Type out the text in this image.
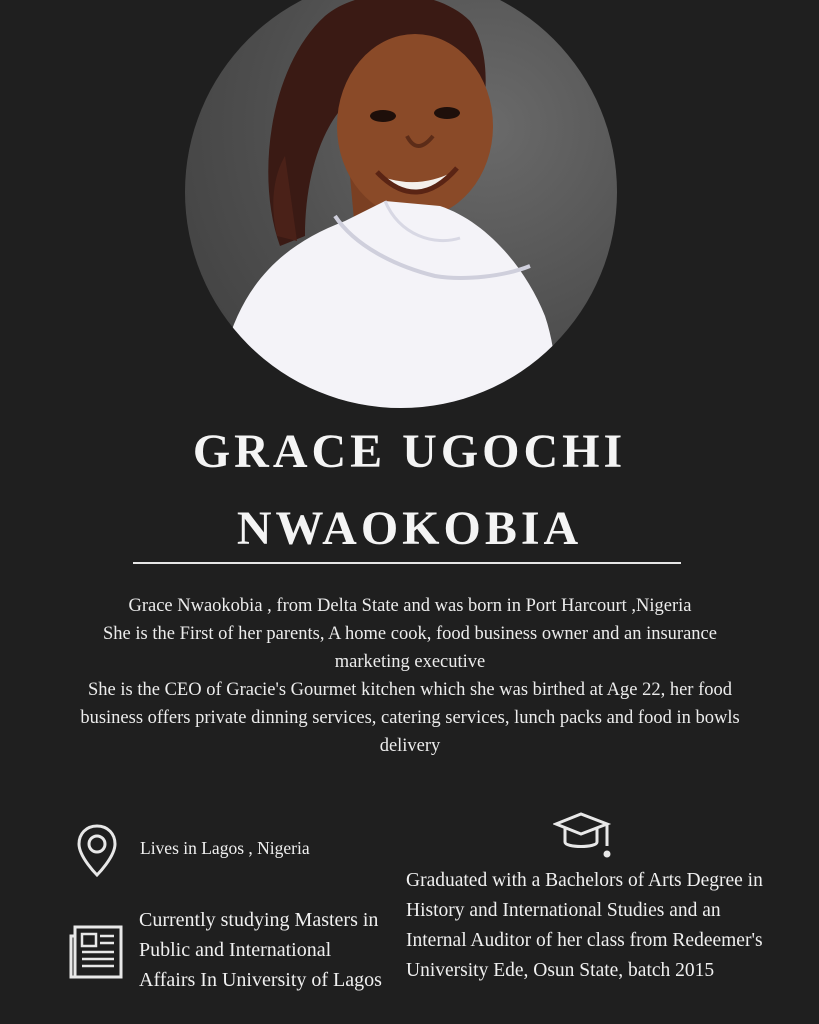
GRACE UGOCHI
NWAOKOBIA

Grace Nwaokobia , from Delta State and was born in Port Harcourt ,Nigeria

She is the First of her parents, A home cook, food business owner and an insurance marketing executive

She is the CEO of Gracie's Gourmet kitchen which she was birthed at Age 22, her food business offers private dinning services, catering services, lunch packs and food in bowls delivery

Lives in Lagos , Nigeria
Currently studying Masters in Public and International Affairs In University of Lagos
Graduated with a Bachelors of Arts Degree in History and International Studies and an Internal Auditor of her class from Redeemer's University Ede, Osun State, batch 2015
